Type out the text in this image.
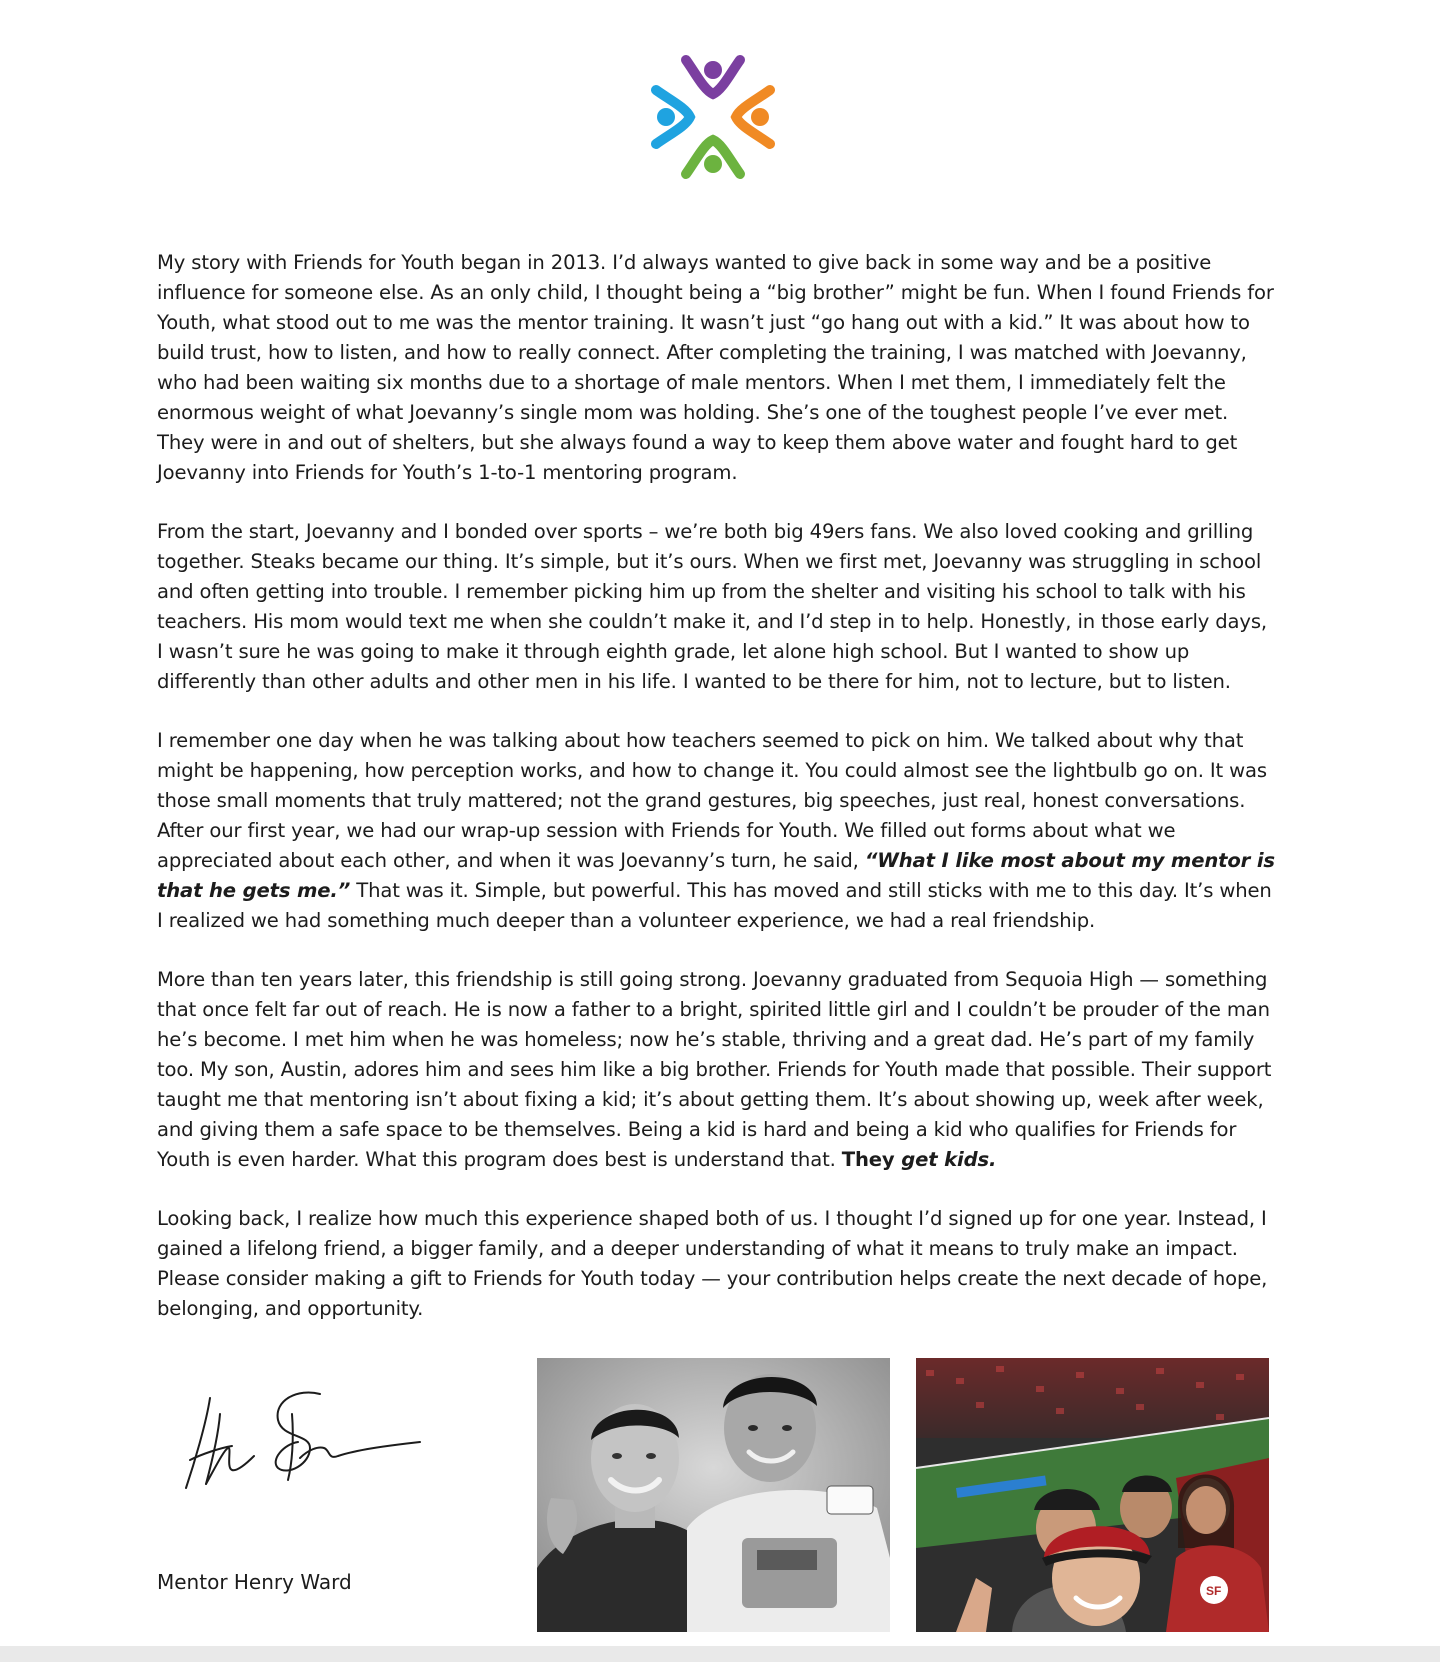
My story with Friends for Youth began in 2013. I’d always wanted to give back in some way and be a positive influence for someone else. As an only child, I thought being a “big brother” might be fun. When I found Friends for Youth, what stood out to me was the mentor training. It wasn’t just “go hang out with a kid.” It was about how to build trust, how to listen, and how to really connect. After completing the training, I was matched with Joevanny, who had been waiting six months due to a shortage of male mentors. When I met them, I immediately felt the enormous weight of what Joevanny’s single mom was holding. She’s one of the toughest people I’ve ever met. They were in and out of shelters, but she always found a way to keep them above water and fought hard to get Joevanny into Friends for Youth’s 1-to-1 mentoring program.

From the start, Joevanny and I bonded over sports – we’re both big 49ers fans. We also loved cooking and grilling together. Steaks became our thing. It’s simple, but it’s ours. When we first met, Joevanny was struggling in school and often getting into trouble. I remember picking him up from the shelter and visiting his school to talk with his teachers. His mom would text me when she couldn’t make it, and I’d step in to help. Honestly, in those early days, I wasn’t sure he was going to make it through eighth grade, let alone high school. But I wanted to show up differently than other adults and other men in his life. I wanted to be there for him, not to lecture, but to listen.

I remember one day when he was talking about how teachers seemed to pick on him. We talked about why that might be happening, how perception works, and how to change it. You could almost see the lightbulb go on. It was those small moments that truly mattered; not the grand gestures, big speeches, just real, honest conversations. After our first year, we had our wrap-up session with Friends for Youth. We filled out forms about what we appreciated about each other, and when it was Joevanny’s turn, he said, “What I like most about my mentor is that he gets me.” That was it. Simple, but powerful. This has moved and still sticks with me to this day. It’s when I realized we had something much deeper than a volunteer experience, we had a real friendship.

More than ten years later, this friendship is still going strong. Joevanny graduated from Sequoia High — something that once felt far out of reach. He is now a father to a bright, spirited little girl and I couldn’t be prouder of the man he’s become. I met him when he was homeless; now he’s stable, thriving and a great dad. He’s part of my family too. My son, Austin, adores him and sees him like a big brother. Friends for Youth made that possible. Their support taught me that mentoring isn’t about fixing a kid; it’s about getting them. It’s about showing up, week after week, and giving them a safe space to be themselves. Being a kid is hard and being a kid who qualifies for Friends for Youth is even harder. What this program does best is understand that. They get kids.

Looking back, I realize how much this experience shaped both of us. I thought I’d signed up for one year. Instead, I gained a lifelong friend, a bigger family, and a deeper understanding of what it means to truly make an impact. Please consider making a gift to Friends for Youth today — your contribution helps create the next decade of hope, belonging, and opportunity.

Mentor Henry Ward	SF
